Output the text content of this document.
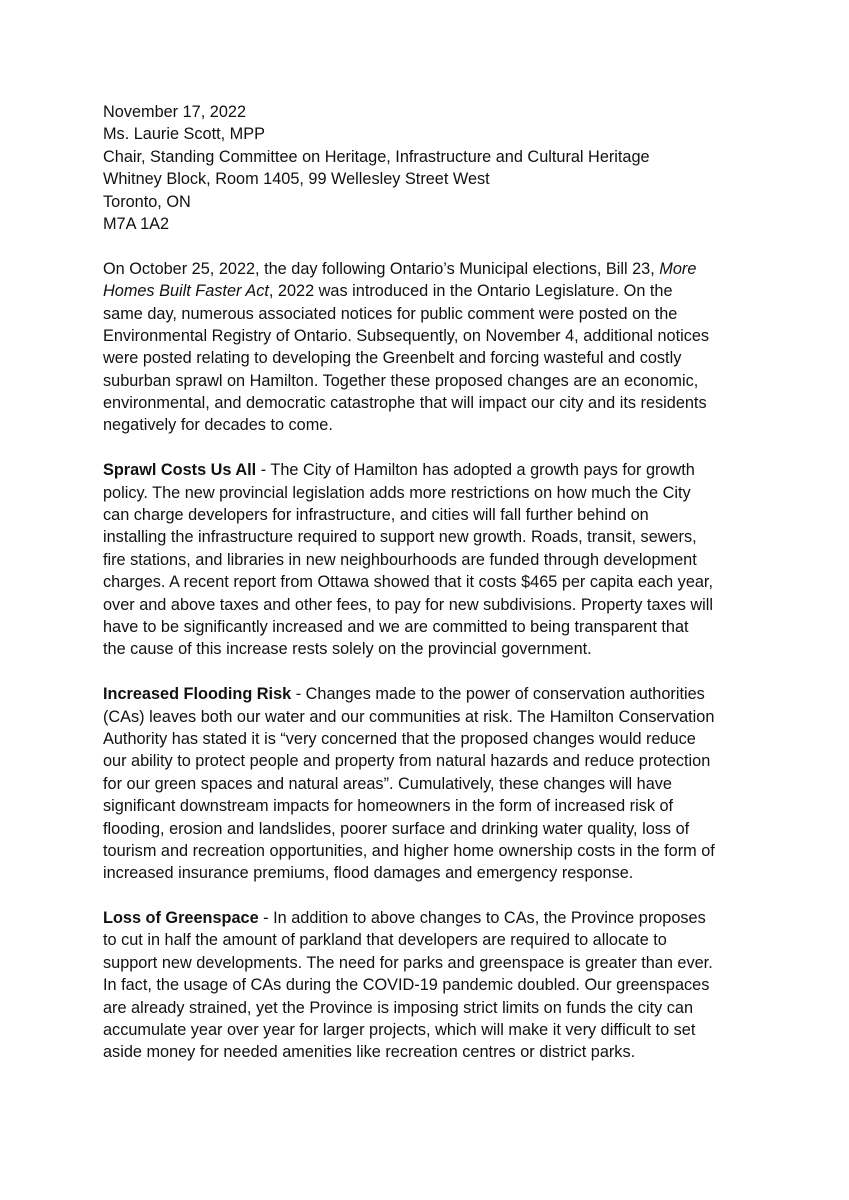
November 17, 2022
Ms. Laurie Scott, MPP
Chair, Standing Committee on Heritage, Infrastructure and Cultural Heritage
Whitney Block, Room 1405, 99 Wellesley Street West
Toronto, ON
M7A 1A2
On October 25, 2022, the day following Ontario’s Municipal elections, Bill 23, More
Homes Built Faster Act, 2022 was introduced in the Ontario Legislature. On the
same day, numerous associated notices for public comment were posted on the
Environmental Registry of Ontario. Subsequently, on November 4, additional notices
were posted relating to developing the Greenbelt and forcing wasteful and costly
suburban sprawl on Hamilton. Together these proposed changes are an economic,
environmental, and democratic catastrophe that will impact our city and its residents
negatively for decades to come.
Sprawl Costs Us All - The City of Hamilton has adopted a growth pays for growth
policy. The new provincial legislation adds more restrictions on how much the City
can charge developers for infrastructure, and cities will fall further behind on
installing the infrastructure required to support new growth. Roads, transit, sewers,
fire stations, and libraries in new neighbourhoods are funded through development
charges. A recent report from Ottawa showed that it costs $465 per capita each year,
over and above taxes and other fees, to pay for new subdivisions. Property taxes will
have to be significantly increased and we are committed to being transparent that
the cause of this increase rests solely on the provincial government.
Increased Flooding Risk - Changes made to the power of conservation authorities
(CAs) leaves both our water and our communities at risk. The Hamilton Conservation
Authority has stated it is “very concerned that the proposed changes would reduce
our ability to protect people and property from natural hazards and reduce protection
for our green spaces and natural areas”. Cumulatively, these changes will have
significant downstream impacts for homeowners in the form of increased risk of
flooding, erosion and landslides, poorer surface and drinking water quality, loss of
tourism and recreation opportunities, and higher home ownership costs in the form of
increased insurance premiums, flood damages and emergency response.
Loss of Greenspace - In addition to above changes to CAs, the Province proposes
to cut in half the amount of parkland that developers are required to allocate to
support new developments. The need for parks and greenspace is greater than ever.
In fact, the usage of CAs during the COVID-19 pandemic doubled. Our greenspaces
are already strained, yet the Province is imposing strict limits on funds the city can
accumulate year over year for larger projects, which will make it very difficult to set
aside money for needed amenities like recreation centres or district parks.
